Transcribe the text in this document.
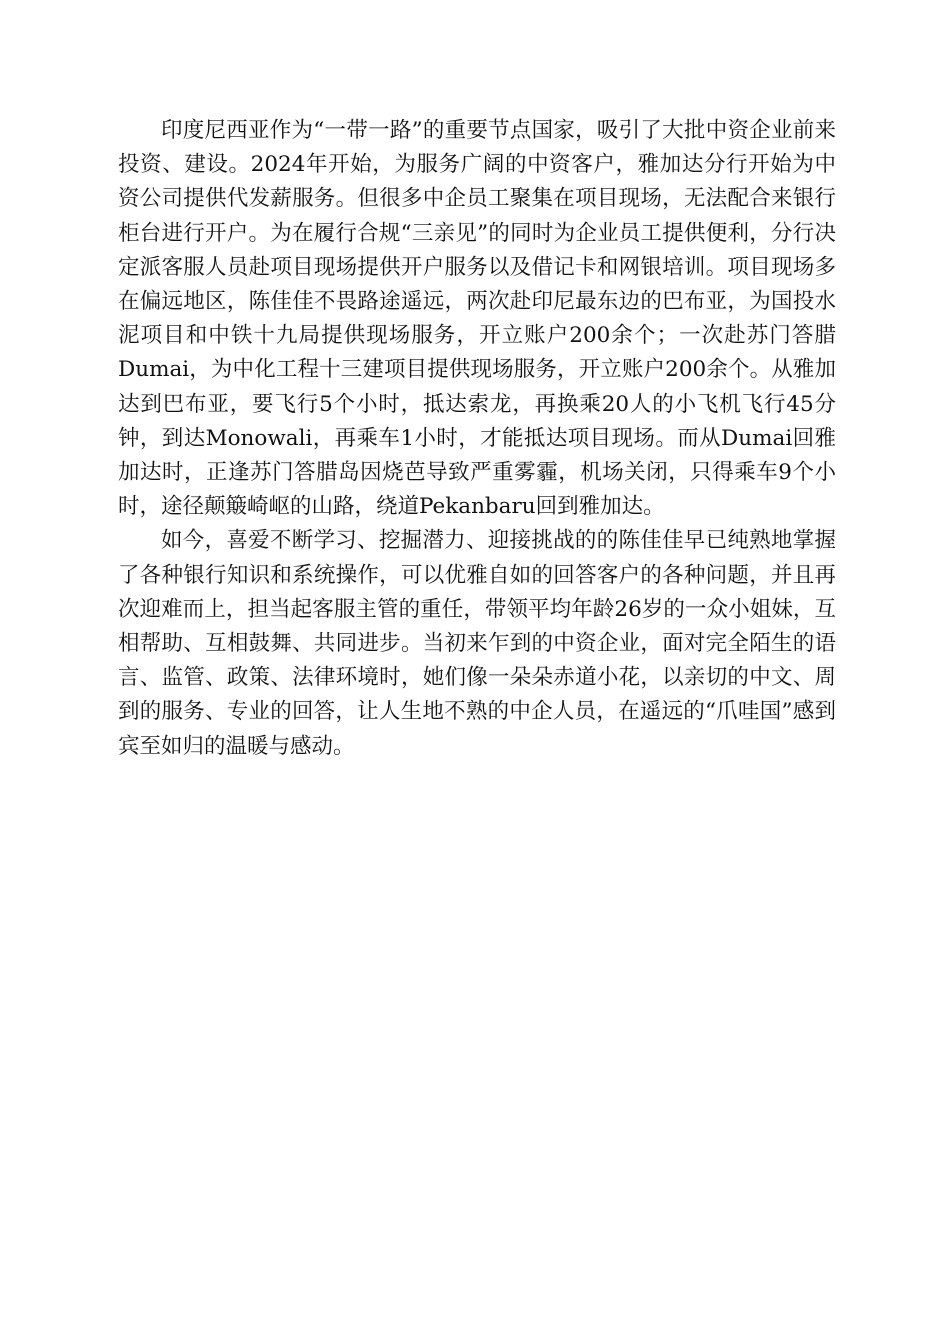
印度尼西亚作为“一带一路”的重要节点国家，吸引了大批中资企业前来投资、建设。2024年开始，为服务广阔的中资客户，雅加达分行开始为中资公司提供代发薪服务。但很多中企员工聚集在项目现场，无法配合来银行柜台进行开户。为在履行合规“三亲见”的同时为企业员工提供便利，分行决定派客服人员赴项目现场提供开户服务以及借记卡和网银培训。项目现场多在偏远地区，陈佳佳不畏路途遥远，两次赴印尼最东边的巴布亚，为国投水泥项目和中铁十九局提供现场服务，开立账户200余个；一次赴苏门答腊Dumai，为中化工程十三建项目提供现场服务，开立账户200余个。从雅加达到巴布亚，要飞行5个小时，抵达索龙，再换乘20人的小飞机飞行45分钟，到达Monowali，再乘车1小时，才能抵达项目现场。而从Dumai回雅加达时，正逢苏门答腊岛因烧芭导致严重雾霾，机场关闭，只得乘车9个小时，途径颠簸崎岖的山路，绕道Pekanbaru回到雅加达。

如今，喜爱不断学习、挖掘潜力、迎接挑战的的陈佳佳早已纯熟地掌握了各种银行知识和系统操作，可以优雅自如的回答客户的各种问题，并且再次迎难而上，担当起客服主管的重任，带领平均年龄26岁的一众小姐妹，互相帮助、互相鼓舞、共同进步。当初来乍到的中资企业，面对完全陌生的语言、监管、政策、法律环境时，她们像一朵朵赤道小花，以亲切的中文、周到的服务、专业的回答，让人生地不熟的中企人员，在遥远的“爪哇国”感到宾至如归的温暖与感动。
